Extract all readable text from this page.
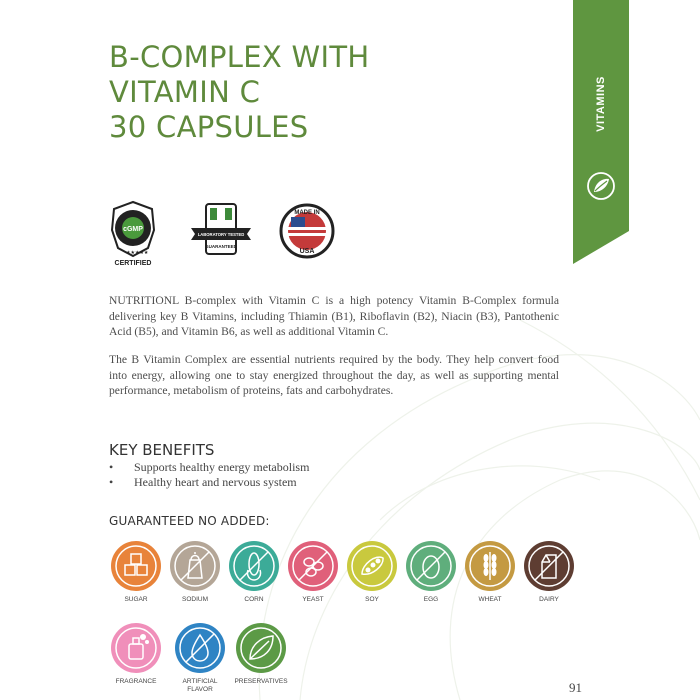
VITAMINS
B-COMPLEX WITH
VITAMIN C
30 CAPSULES
cGMP
★★★★★
CERTIFIED
LABORATORY TESTED
GUARANTEED
MADE IN
USA

NUTRITIONL B-complex with Vitamin C is a high potency Vitamin B-Complex formula delivering key B Vitamins, including Thiamin (B1), Riboflavin (B2), Niacin (B3), Pantothenic Acid (B5), and Vitamin B6, as well as additional Vitamin C.

The B Vitamin Complex are essential nutrients required by the body. They help convert food into energy, allowing one to stay energized throughout the day, as well as supporting mental performance, metabolism of proteins, fats and carbohydrates.

KEY BENEFITS
• Supports healthy energy metabolism
• Healthy heart and nervous system
GUARANTEED NO ADDED:
SUGAR	SODIUM	CORN	YEAST	SOY	EGG	WHEAT	DAIRY
FRAGRANCE	ARTIFICIAL FLAVOR
PRESERVATIVES	91
